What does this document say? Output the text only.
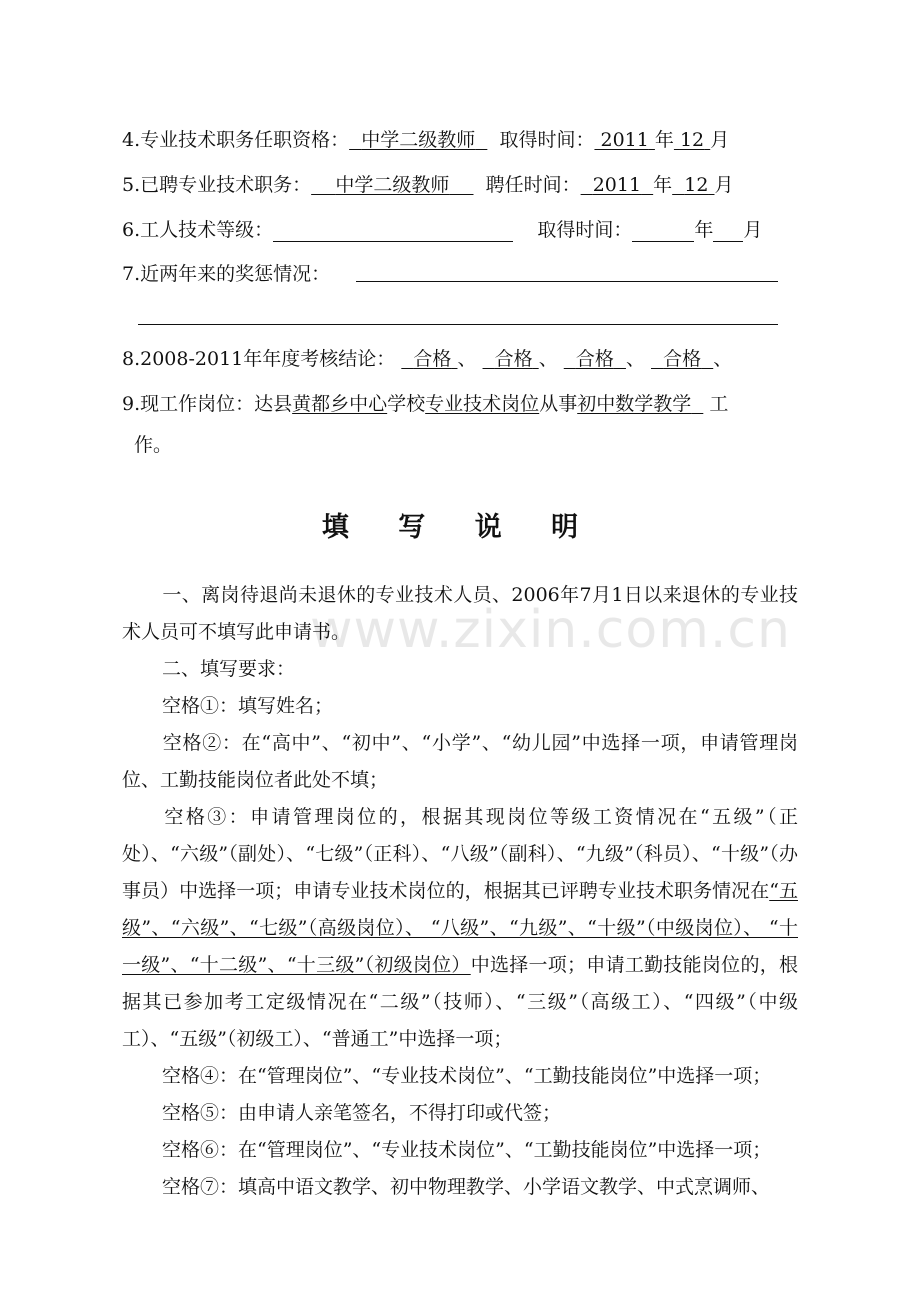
www.zixin.com.cn
4.专业技术职务任职资格： 中学二级教师 取得时间： 2011 年 12 月
5.已聘专业技术职务： 中学二级教师 聘任时间： 2011 年 12 月
6.工人技术等级：	取得时间：	年 月
7.近两年来的奖惩情况：
8.2008-2011年年度考核结论： 合格 、 合格 、 合格 、 合格 、
9.现工作岗位：达县黄都乡中心学校专业技术岗位从事初中数学教学 工
作。
填 写 说 明
一、离岗待退尚未退休的专业技术人员、2006年7月1日以来退休的专业技术人员可不填写此申请书。
二、填写要求：
空格①：填写姓名；
空格②：在“高中”、“初中”、“小学”、“幼儿园”中选择一项，申请管理岗位、工勤技能岗位者此处不填；
空格③：申请管理岗位的，根据其现岗位等级工资情况在“五级”（正处）、“六级”（副处）、“七级”（正科）、“八级”（副科）、“九级”（科员）、“十级”（办事员）中选择一项；申请专业技术岗位的，根据其已评聘专业技术职务情况在“五级”、“六级”、“七级”（高级岗位）、 “八级”、“九级”、“十级”（中级岗位）、 “十一级”、“十二级”、“十三级”（初级岗位）中选择一项；申请工勤技能岗位的，根据其已参加考工定级情况在“二级”（技师）、“三级”（高级工）、“四级”（中级工）、“五级”（初级工）、“普通工”中选择一项；
空格④：在“管理岗位”、“专业技术岗位”、“工勤技能岗位”中选择一项；
空格⑤：由申请人亲笔签名，不得打印或代签；
空格⑥：在“管理岗位”、“专业技术岗位”、“工勤技能岗位”中选择一项；
空格⑦：填高中语文教学、初中物理教学、小学语文教学、中式烹调师、
